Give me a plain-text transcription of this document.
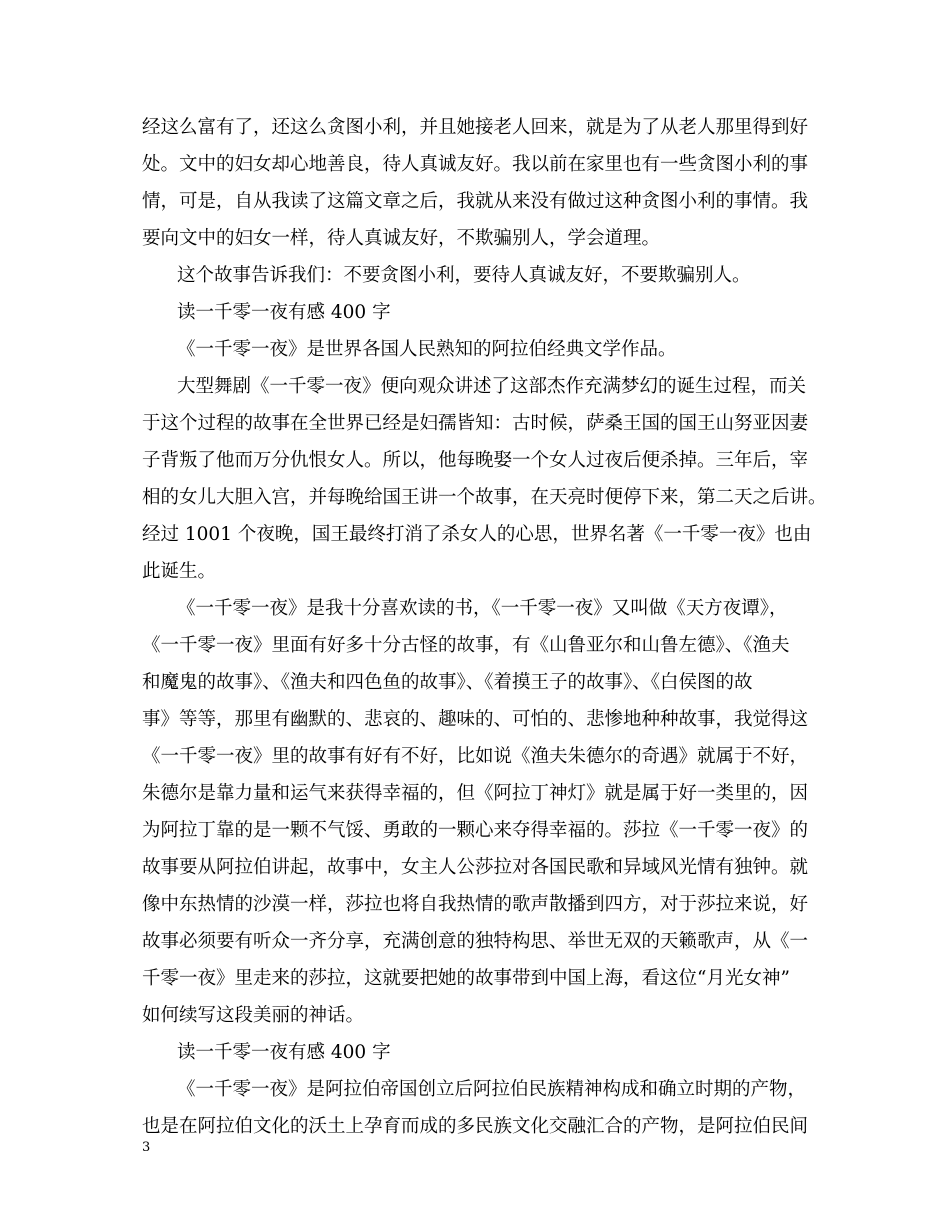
经这么富有了，还这么贪图小利，并且她接老人回来，就是为了从老人那里得到好
处。文中的妇女却心地善良，待人真诚友好。我以前在家里也有一些贪图小利的事
情，可是，自从我读了这篇文章之后，我就从来没有做过这种贪图小利的事情。我
要向文中的妇女一样，待人真诚友好，不欺骗别人，学会道理。
这个故事告诉我们：不要贪图小利，要待人真诚友好，不要欺骗别人。
读一千零一夜有感 400 字
《一千零一夜》是世界各国人民熟知的阿拉伯经典文学作品。
大型舞剧《一千零一夜》便向观众讲述了这部杰作充满梦幻的诞生过程，而关
于这个过程的故事在全世界已经是妇孺皆知：古时候，萨桑王国的国王山努亚因妻
子背叛了他而万分仇恨女人。所以，他每晚娶一个女人过夜后便杀掉。三年后，宰
相的女儿大胆入宫，并每晚给国王讲一个故事，在天亮时便停下来，第二天之后讲。
经过 1001 个夜晚，国王最终打消了杀女人的心思，世界名著《一千零一夜》也由
此诞生。
《一千零一夜》是我十分喜欢读的书，《一千零一夜》又叫做《天方夜谭》，
《一千零一夜》里面有好多十分古怪的故事，有《山鲁亚尔和山鲁左德》、《渔夫
和魔鬼的故事》、《渔夫和四色鱼的故事》、《着摸王子的故事》、《白侯图的故
事》等等，那里有幽默的、悲哀的、趣味的、可怕的、悲惨地种种故事，我觉得这
《一千零一夜》里的故事有好有不好，比如说《渔夫朱德尔的奇遇》就属于不好，
朱德尔是靠力量和运气来获得幸福的，但《阿拉丁神灯》就是属于好一类里的，因
为阿拉丁靠的是一颗不气馁、勇敢的一颗心来夺得幸福的。莎拉《一千零一夜》的
故事要从阿拉伯讲起，故事中，女主人公莎拉对各国民歌和异域风光情有独钟。就
像中东热情的沙漠一样，莎拉也将自我热情的歌声散播到四方，对于莎拉来说，好
故事必须要有听众一齐分享，充满创意的独特构思、举世无双的天籁歌声，从《一
千零一夜》里走来的莎拉，这就要把她的故事带到中国上海，看这位“月光女神”
如何续写这段美丽的神话。
读一千零一夜有感 400 字
《一千零一夜》是阿拉伯帝国创立后阿拉伯民族精神构成和确立时期的产物，
也是在阿拉伯文化的沃土上孕育而成的多民族文化交融汇合的产物，是阿拉伯民间
3
